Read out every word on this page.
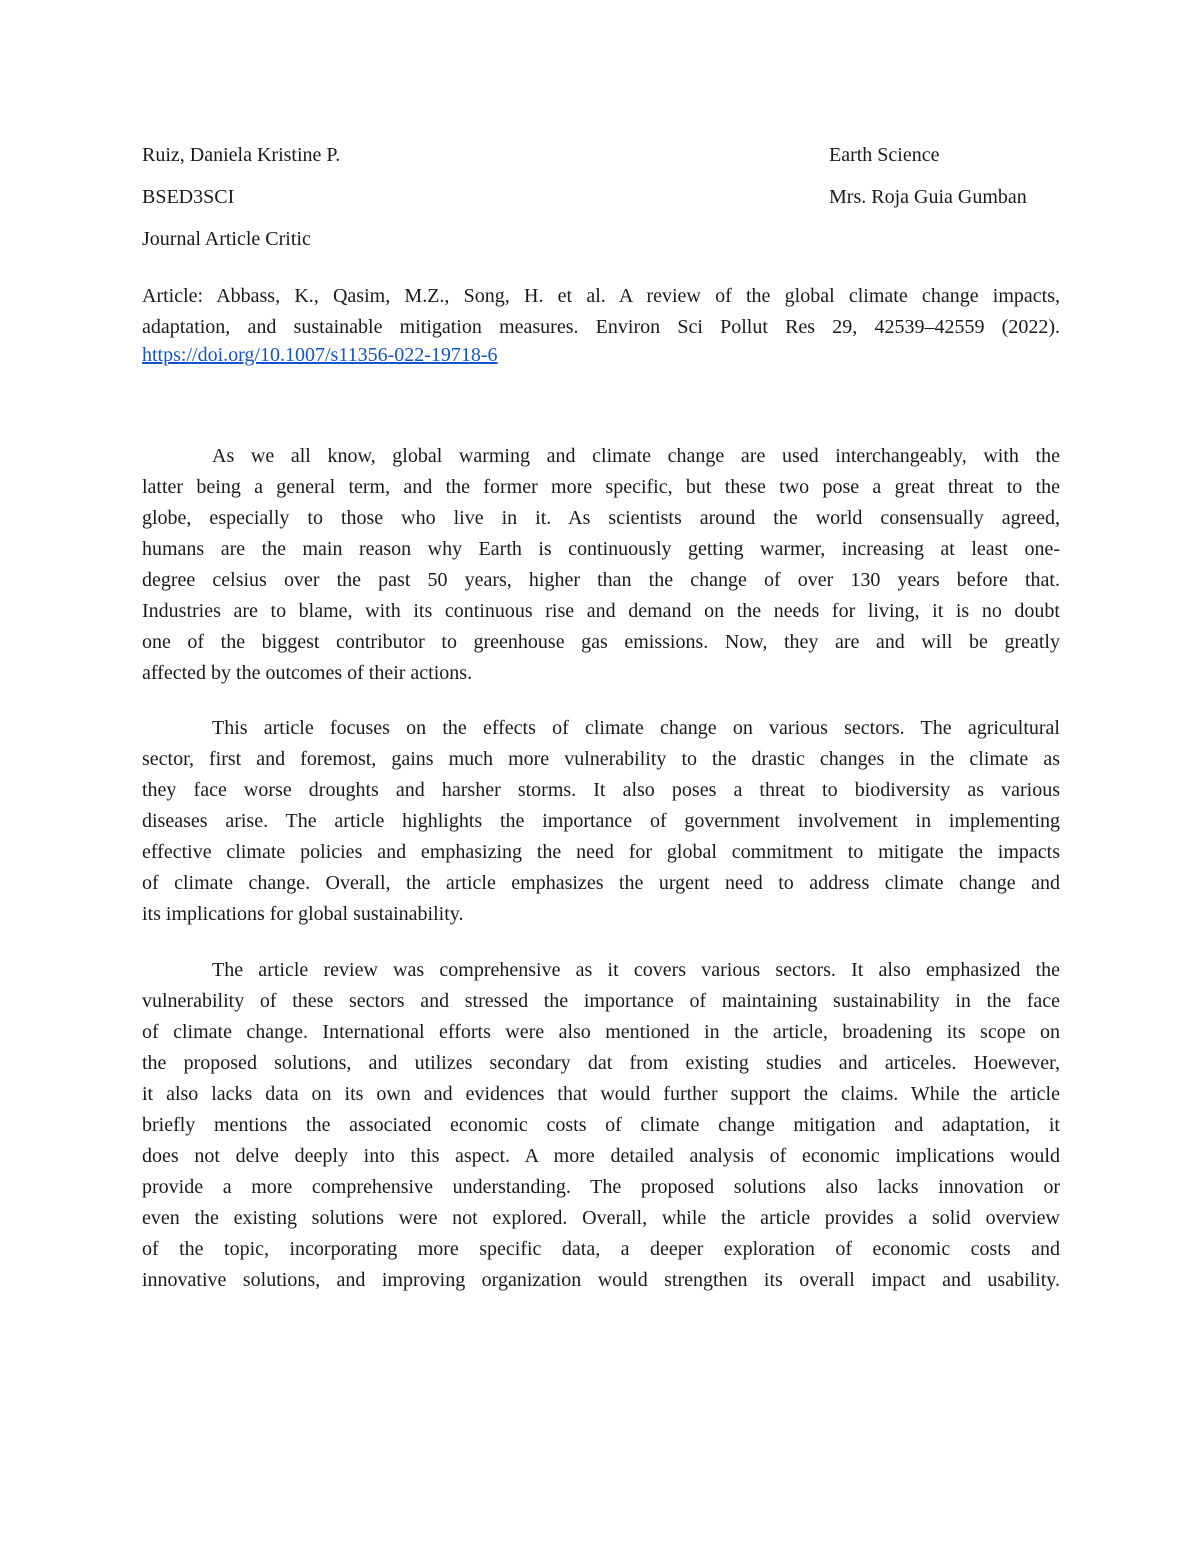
Ruiz, Daniela Kristine P.
BSED3SCI
Journal Article Critic
Earth Science
Mrs. Roja Guia Gumban
Article: Abbass, K., Qasim, M.Z., Song, H. et al. A review of the global climate change impacts,
adaptation, and sustainable mitigation measures. Environ Sci Pollut Res 29, 42539–42559 (2022).
https://doi.org/10.1007/s11356-022-19718-6
As we all know, global warming and climate change are used interchangeably, with the
latter being a general term, and the former more specific, but these two pose a great threat to the
globe, especially to those who live in it. As scientists around the world consensually agreed,
humans are the main reason why Earth is continuously getting warmer, increasing at least one-
degree celsius over the past 50 years, higher than the change of over 130 years before that.
Industries are to blame, with its continuous rise and demand on the needs for living, it is no doubt
one of the biggest contributor to greenhouse gas emissions. Now, they are and will be greatly
affected by the outcomes of their actions.
This article focuses on the effects of climate change on various sectors. The agricultural
sector, first and foremost, gains much more vulnerability to the drastic changes in the climate as
they face worse droughts and harsher storms. It also poses a threat to biodiversity as various
diseases arise. The article highlights the importance of government involvement in implementing
effective climate policies and emphasizing the need for global commitment to mitigate the impacts
of climate change. Overall, the article emphasizes the urgent need to address climate change and
its implications for global sustainability.
The article review was comprehensive as it covers various sectors. It also emphasized the
vulnerability of these sectors and stressed the importance of maintaining sustainability in the face
of climate change. International efforts were also mentioned in the article, broadening its scope on
the proposed solutions, and utilizes secondary dat from existing studies and articeles. Hoewever,
it also lacks data on its own and evidences that would further support the claims. While the article
briefly mentions the associated economic costs of climate change mitigation and adaptation, it
does not delve deeply into this aspect. A more detailed analysis of economic implications would
provide a more comprehensive understanding. The proposed solutions also lacks innovation or
even the existing solutions were not explored. Overall, while the article provides a solid overview
of the topic, incorporating more specific data, a deeper exploration of economic costs and
innovative solutions, and improving organization would strengthen its overall impact and usability.
